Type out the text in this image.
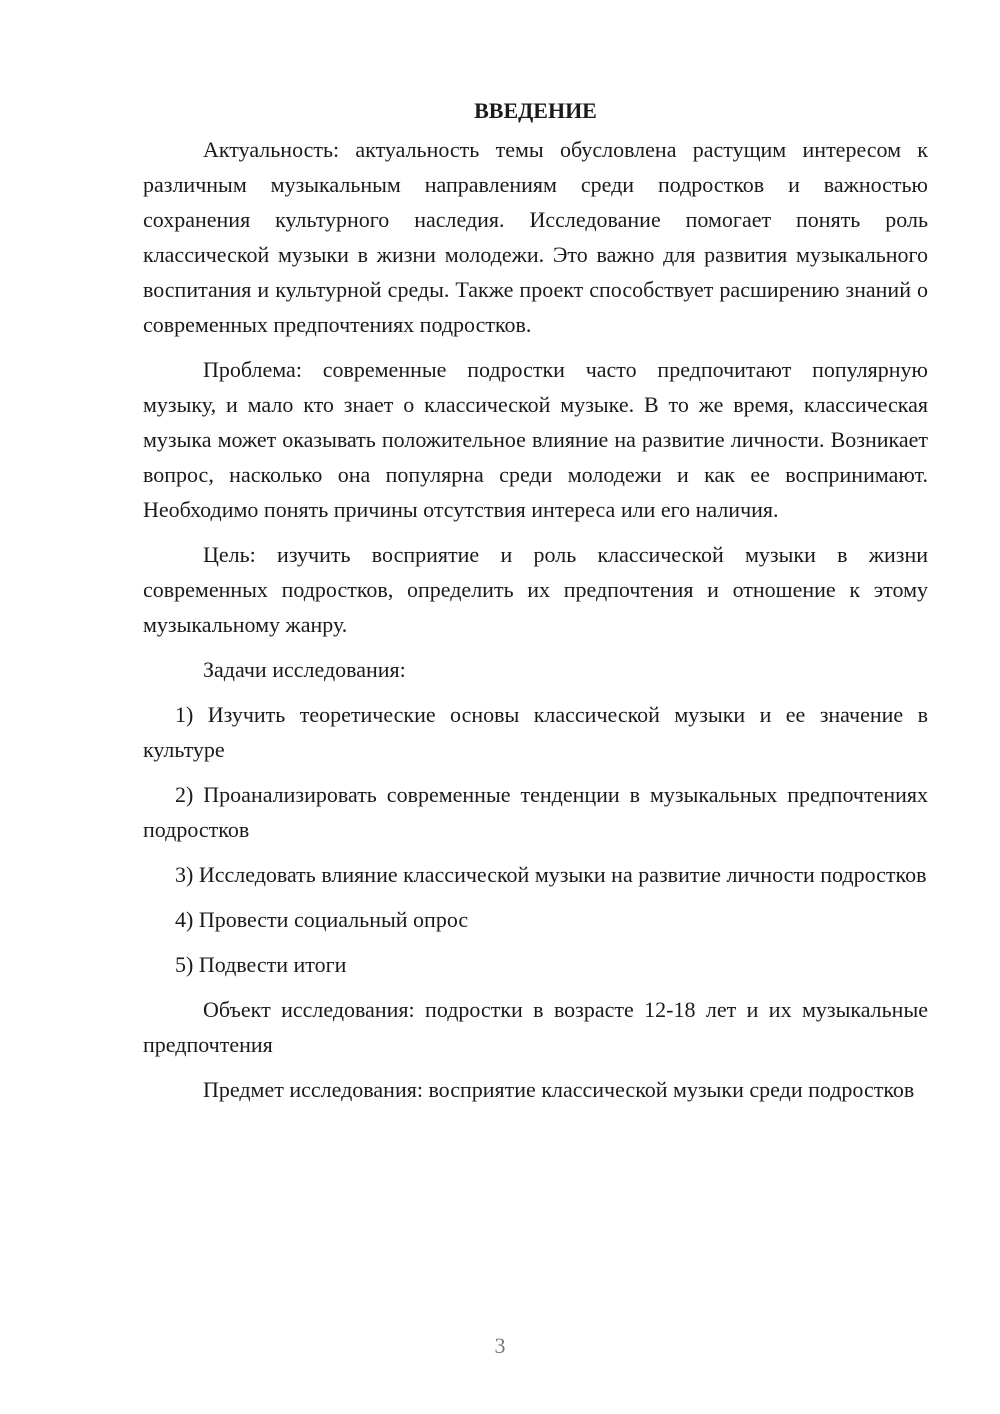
ВВЕДЕНИЕ

Актуальность: актуальность темы обусловлена растущим интересом к различным музыкальным направлениям среди подростков и важностью сохранения культурного наследия. Исследование помогает понять роль классической музыки в жизни молодежи. Это важно для развития музыкального воспитания и культурной среды. Также проект способствует расширению знаний о современных предпочтениях подростков.

Проблема: современные подростки часто предпочитают популярную музыку, и мало кто знает о классической музыке. В то же время, классическая музыка может оказывать положительное влияние на развитие личности. Возникает вопрос, насколько она популярна среди молодежи и как ее воспринимают. Необходимо понять причины отсутствия интереса или его наличия.

Цель: изучить восприятие и роль классической музыки в жизни современных подростков, определить их предпочтения и отношение к этому музыкальному жанру.

Задачи исследования:

1) Изучить теоретические основы классической музыки и ее значение в культуре

2) Проанализировать современные тенденции в музыкальных предпочтениях подростков

3) Исследовать влияние классической музыки на развитие личности подростков

4) Провести социальный опрос

5) Подвести итоги

Объект исследования: подростки в возрасте 12-18 лет и их музыкальные предпочтения

Предмет исследования: восприятие классической музыки среди подростков

3
